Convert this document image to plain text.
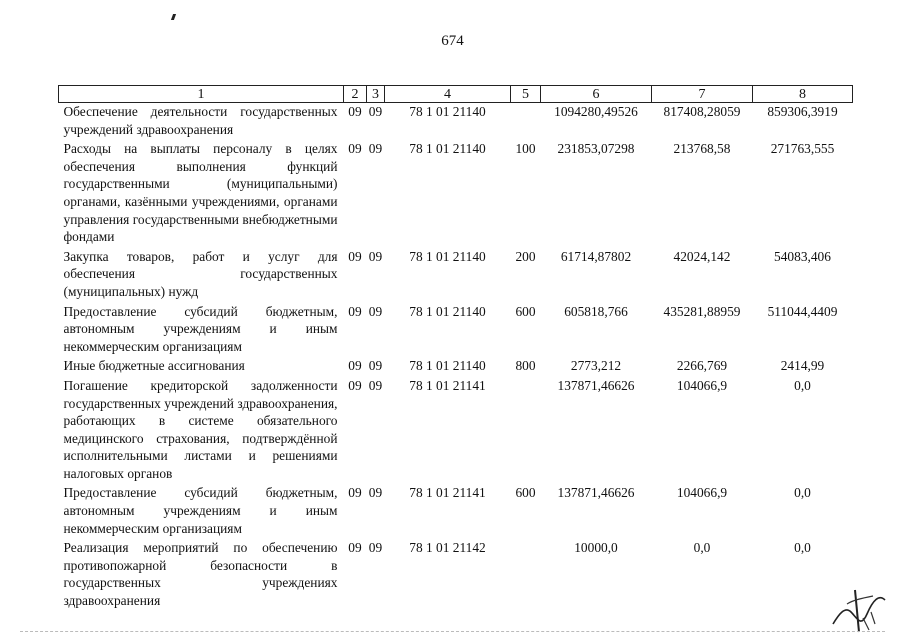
674
1	2	3	4	5	6	7	8
Обеспечение деятельности государственных учреждений здравоохранения	09	09	78 1 01 21140		1094280,49526	817408,28059	859306,3919
Расходы на выплаты персоналу в целях обеспечения выполнения функций государственными (муниципальными) органами, казёнными учреждениями, органами управления государственными внебюджетными фондами	09	09	78 1 01 21140	100	231853,07298	213768,58	271763,555
Закупка товаров, работ и услуг для обеспечения государственных (муниципальных) нужд	09	09	78 1 01 21140	200	61714,87802	42024,142	54083,406
Предоставление субсидий бюджетным, автономным учреждениям и иным некоммерческим организациям	09	09	78 1 01 21140	600	605818,766	435281,88959	511044,4409
Иные бюджетные ассигнования	09	09	78 1 01 21140	800	2773,212	2266,769	2414,99
Погашение кредиторской задолженности государственных учреждений здравоохранения, работающих в системе обязательного медицинского страхования, подтверждённой исполнительными листами и решениями налоговых органов	09	09	78 1 01 21141		137871,46626	104066,9	0,0
Предоставление субсидий бюджетным, автономным учреждениям и иным некоммерческим организациям	09	09	78 1 01 21141	600	137871,46626	104066,9	0,0
Реализация мероприятий по обеспечению противопожарной безопасности в государственных учреждениях здравоохранения	09	09	78 1 01 21142		10000,0	0,0	0,0
